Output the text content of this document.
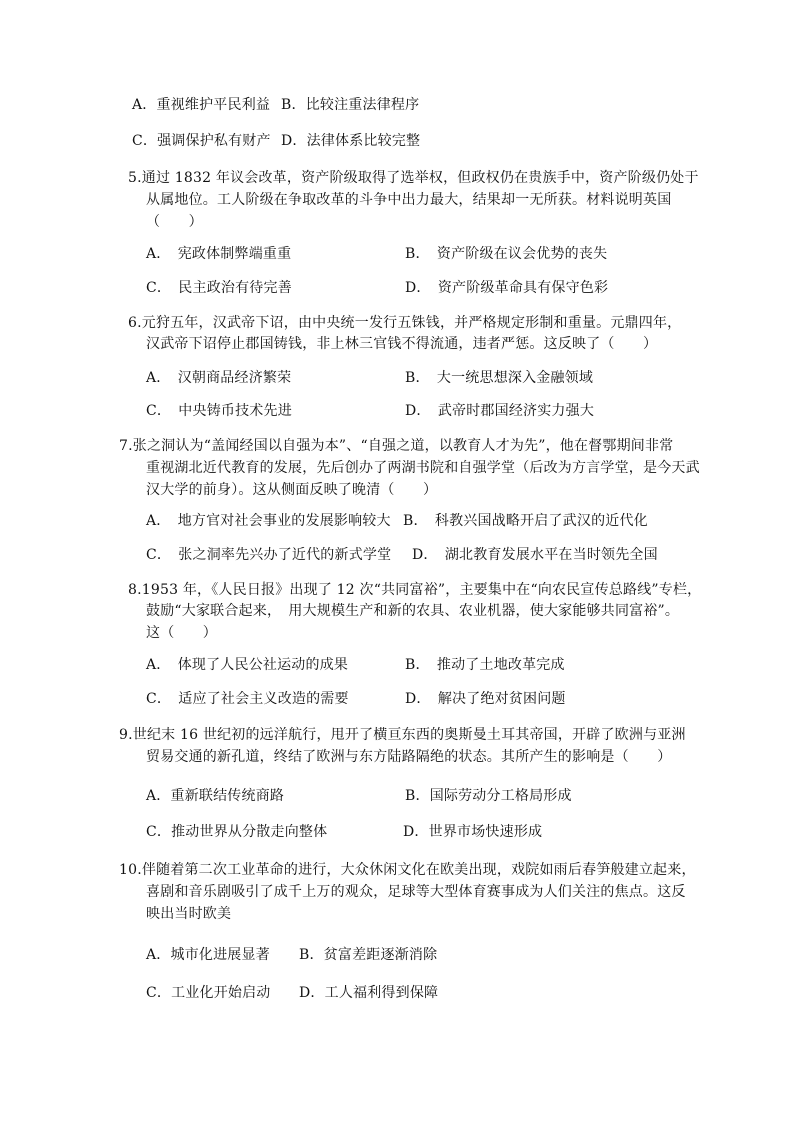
A．重视维护平民利益 B．比较注重法律程序
C．强调保护私有财产 D．法律体系比较完整
5.通过 1832 年议会改革，资产阶级取得了选举权，但政权仍在贵族手中，资产阶级仍处于
从属地位。工人阶级在争取改革的斗争中出力最大，结果却一无所获。材料说明英国
（　　）
A．　宪政体制弊端重重	B．　资产阶级在议会优势的丧失
C．　民主政治有待完善	D．　资产阶级革命具有保守色彩
6.元狩五年，汉武帝下诏，由中央统一发行五铢钱，并严格规定形制和重量。元鼎四年，
汉武帝下诏停止郡国铸钱，非上林三官钱不得流通，违者严惩。这反映了（　　）
A．　汉朝商品经济繁荣	B．　大一统思想深入金融领域
C．　中央铸币技术先进	D．　武帝时郡国经济实力强大
7.张之洞认为“盖闻经国以自强为本”、“自强之道，以教育人才为先”，他在督鄂期间非常
重视湖北近代教育的发展，先后创办了两湖书院和自强学堂（后改为方言学堂，是今天武
汉大学的前身）。这从侧面反映了晚清（　　）
A．　地方官对社会事业的发展影响较大 B．　科教兴国战略开启了武汉的近代化
C．　张之洞率先兴办了近代的新式学堂 D．　湖北教育发展水平在当时领先全国
8.1953 年，《人民日报》出现了 12 次“共同富裕”，主要集中在“向农民宣传总路线”专栏，
鼓励“大家联合起来，　用大规模生产和新的农具、农业机器，使大家能够共同富裕”。
这（　　）
A．　体现了人民公社运动的成果	B．　推动了土地改革完成
C．　适应了社会主义改造的需要	D．　解决了绝对贫困问题
9.世纪末 16 世纪初的远洋航行，甩开了横亘东西的奥斯曼土耳其帝国，开辟了欧洲与亚洲
贸易交通的新孔道，终结了欧洲与东方陆路隔绝的状态。其所产生的影响是（　　）
A．重新联结传统商路	B．国际劳动分工格局形成
C．推动世界从分散走向整体	D．世界市场快速形成
10.伴随着第二次工业革命的进行，大众休闲文化在欧美出现，戏院如雨后春笋般建立起来，
喜剧和音乐剧吸引了成千上万的观众，足球等大型体育赛事成为人们关注的焦点。这反
映出当时欧美
A．城市化进展显著 B．贫富差距逐渐消除
C．工业化开始启动 D．工人福利得到保障
